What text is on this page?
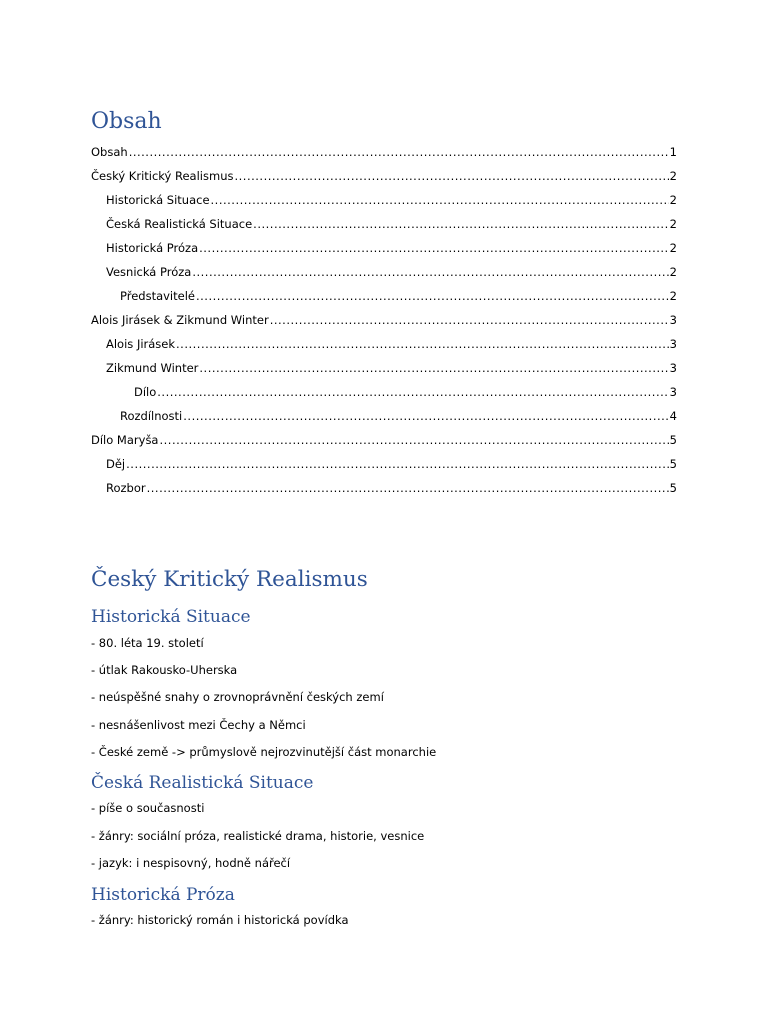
Obsah
Obsah .....	1
Český Kritický Realismus .....	2
Historická Situace .....	2
Česká Realistická Situace .....	2
Historická Próza .....	2
Vesnická Próza .....	2
Představitelé .....	2
Alois Jirásek & Zikmund Winter .....	3
Alois Jirásek .....	3
Zikmund Winter .....	3
Dílo .....	3
Rozdílnosti .....	4
Dílo Maryša .....	5
Děj .....	5
Rozbor .....	5
Český Kritický Realismus
Historická Situace

- 80. léta 19. století

- útlak Rakousko-Uherska

- neúspěšné snahy o zrovnoprávnění českých zemí

- nesnášenlivost mezi Čechy a Němci

- České země -> průmyslově nejrozvinutější část monarchie

Česká Realistická Situace

- píše o současnosti

- žánry: sociální próza, realistické drama, historie, vesnice

- jazyk: i nespisovný, hodně nářečí

Historická Próza

- žánry: historický román i historická povídka
